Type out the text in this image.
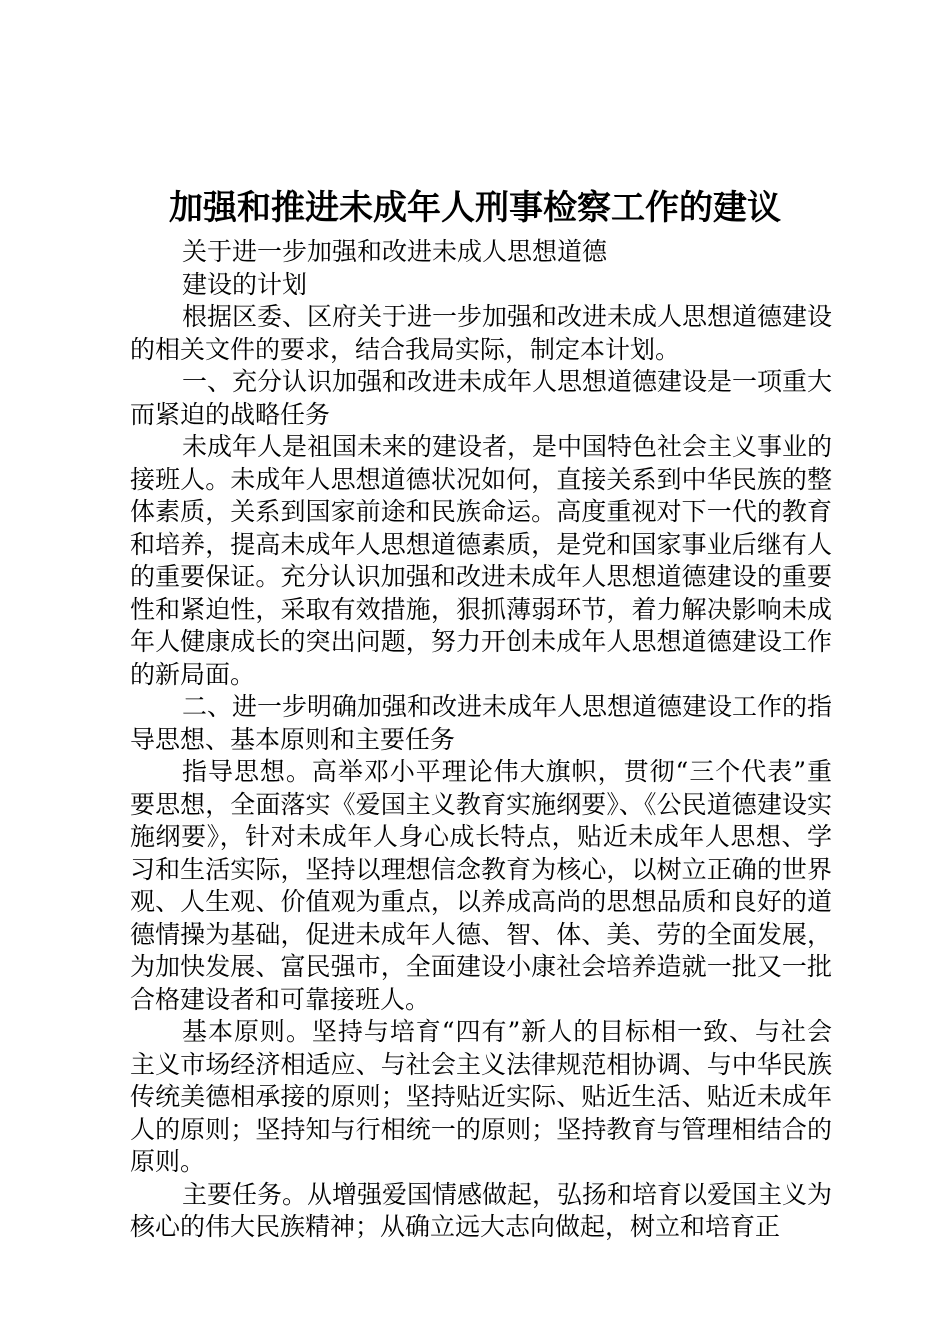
加强和推进未成年人刑事检察工作的建议

关于进一步加强和改进未成人思想道德

建设的计划

根据区委、区府关于进一步加强和改进未成人思想道德建设的相关文件的要求，结合我局实际，制定本计划。

一、充分认识加强和改进未成年人思想道德建设是一项重大而紧迫的战略任务

未成年人是祖国未来的建设者，是中国特色社会主义事业的接班人。未成年人思想道德状况如何，直接关系到中华民族的整体素质，关系到国家前途和民族命运。高度重视对下一代的教育和培养，提高未成年人思想道德素质，是党和国家事业后继有人的重要保证。充分认识加强和改进未成年人思想道德建设的重要性和紧迫性，采取有效措施，狠抓薄弱环节，着力解决影响未成年人健康成长的突出问题，努力开创未成年人思想道德建设工作的新局面。

二、进一步明确加强和改进未成年人思想道德建设工作的指导思想、基本原则和主要任务

指导思想。高举邓小平理论伟大旗帜，贯彻“三个代表”重要思想，全面落实《爱国主义教育实施纲要》、《公民道德建设实施纲要》，针对未成年人身心成长特点，贴近未成年人思想、学习和生活实际，坚持以理想信念教育为核心，以树立正确的世界观、人生观、价值观为重点，以养成高尚的思想品质和良好的道德情操为基础，促进未成年人德、智、体、美、劳的全面发展，为加快发展、富民强市，全面建设小康社会培养造就一批又一批合格建设者和可靠接班人。

基本原则。坚持与培育“四有”新人的目标相一致、与社会主义市场经济相适应、与社会主义法律规范相协调、与中华民族传统美德相承接的原则；坚持贴近实际、贴近生活、贴近未成年人的原则；坚持知与行相统一的原则；坚持教育与管理相结合的原则。

主要任务。从增强爱国情感做起，弘扬和培育以爱国主义为核心的伟大民族精神；从确立远大志向做起，树立和培育正
